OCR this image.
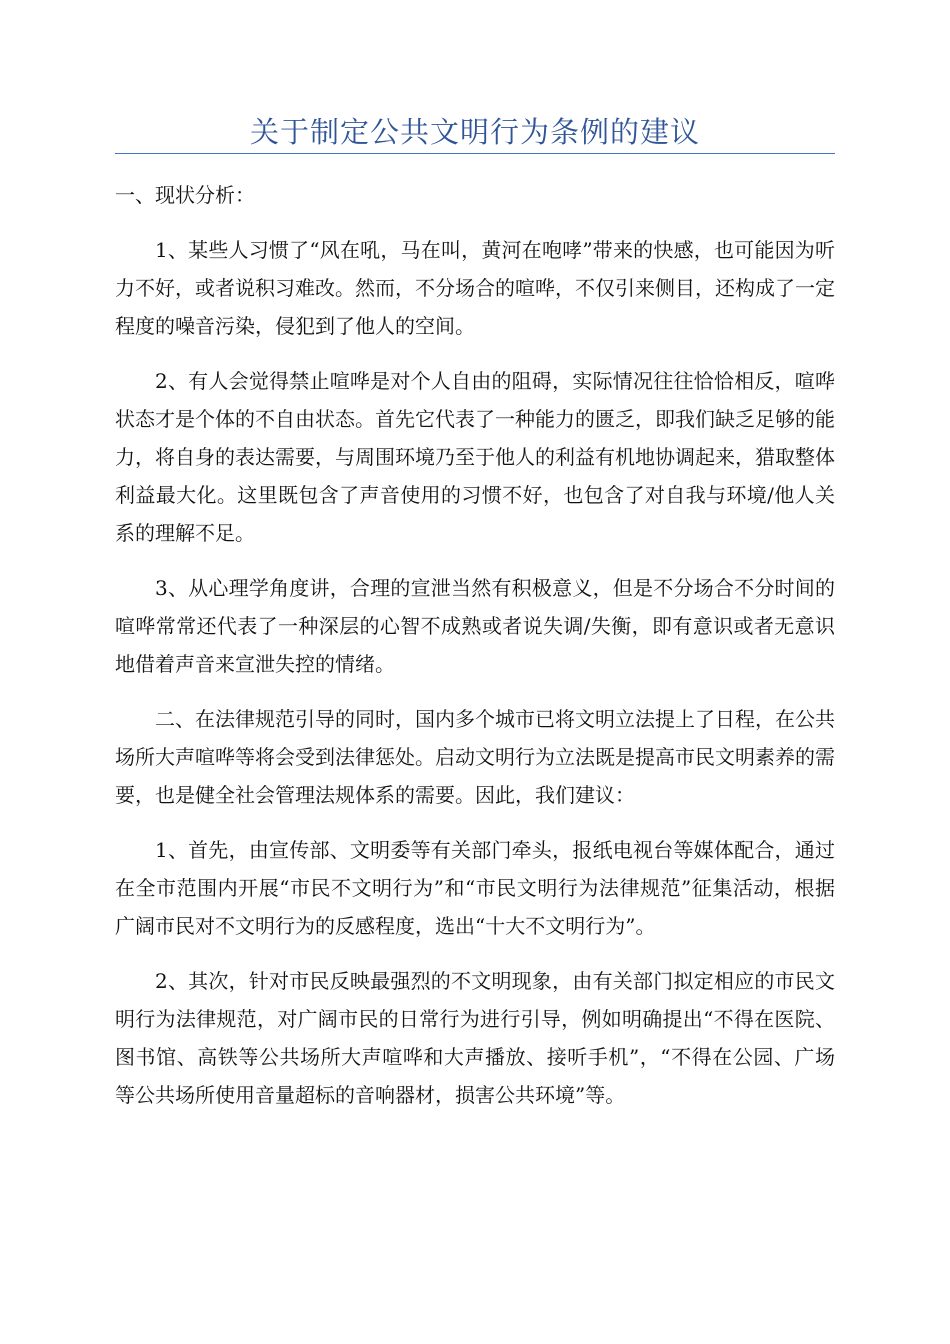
关于制定公共文明行为条例的建议

一、现状分析：

1、某些人习惯了“风在吼，马在叫，黄河在咆哮”带来的快感，也可能因为听力不好，或者说积习难改。然而，不分场合的喧哗，不仅引来侧目，还构成了一定程度的噪音污染，侵犯到了他人的空间。

2、有人会觉得禁止喧哗是对个人自由的阻碍，实际情况往往恰恰相反，喧哗状态才是个体的不自由状态。首先它代表了一种能力的匮乏，即我们缺乏足够的能力，将自身的表达需要，与周围环境乃至于他人的利益有机地协调起来，猎取整体利益最大化。这里既包含了声音使用的习惯不好，也包含了对自我与环境/他人关系的理解不足。

3、从心理学角度讲，合理的宣泄当然有积极意义，但是不分场合不分时间的喧哗常常还代表了一种深层的心智不成熟或者说失调/失衡，即有意识或者无意识地借着声音来宣泄失控的情绪。

二、在法律规范引导的同时，国内多个城市已将文明立法提上了日程，在公共场所大声喧哗等将会受到法律惩处。启动文明行为立法既是提高市民文明素养的需要，也是健全社会管理法规体系的需要。因此，我们建议：

1、首先，由宣传部、文明委等有关部门牵头，报纸电视台等媒体配合，通过在全市范围内开展“市民不文明行为”和“市民文明行为法律规范”征集活动，根据广阔市民对不文明行为的反感程度，选出“十大不文明行为”。

2、其次，针对市民反映最强烈的不文明现象，由有关部门拟定相应的市民文明行为法律规范，对广阔市民的日常行为进行引导，例如明确提出“不得在医院、图书馆、高铁等公共场所大声喧哗和大声播放、接听手机”，“不得在公园、广场等公共场所使用音量超标的音响器材，损害公共环境”等。
